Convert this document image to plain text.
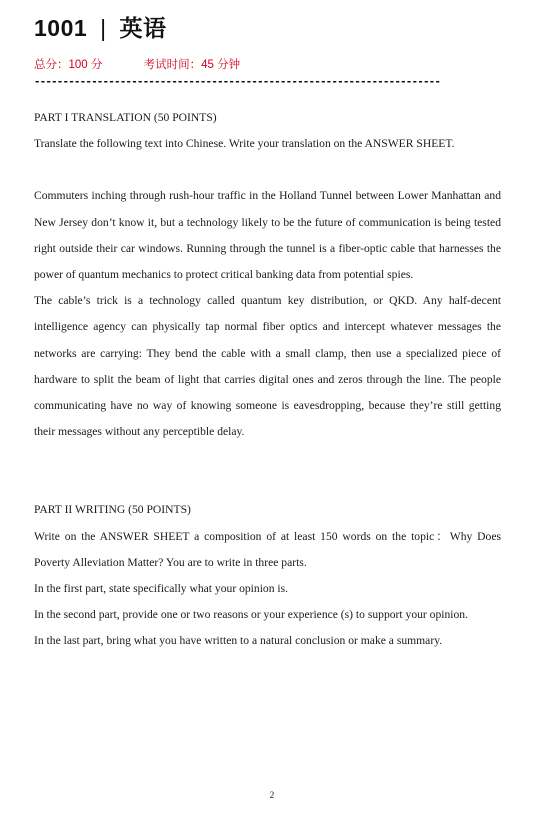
1001 | 英语
总分：100 分	考试时间：45 分钟
-----------------------------------------------------------------------

PART I TRANSLATION (50 POINTS)

Translate the following text into Chinese. Write your translation on the ANSWER SHEET.

Commuters inching through rush-hour traffic in the Holland Tunnel between Lower Manhattan and New Jersey don’t know it, but a technology likely to be the future of communication is being tested right outside their car windows. Running through the tunnel is a fiber-optic cable that harnesses the power of quantum mechanics to protect critical banking data from potential spies.

The cable’s trick is a technology called quantum key distribution, or QKD. Any half-decent intelligence agency can physically tap normal fiber optics and intercept whatever messages the networks are carrying: They bend the cable with a small clamp, then use a specialized piece of hardware to split the beam of light that carries digital ones and zeros through the line. The people communicating have no way of knowing someone is eavesdropping, because they’re still getting their messages without any perceptible delay.

PART II WRITING (50 POINTS)

Write on the ANSWER SHEET a composition of at least 150 words on the topic：Why Does Poverty Alleviation Matter? You are to write in three parts.

In the first part, state specifically what your opinion is.

In the second part, provide one or two reasons or your experience (s) to support your opinion.

In the last part, bring what you have written to a natural conclusion or make a summary.

2
